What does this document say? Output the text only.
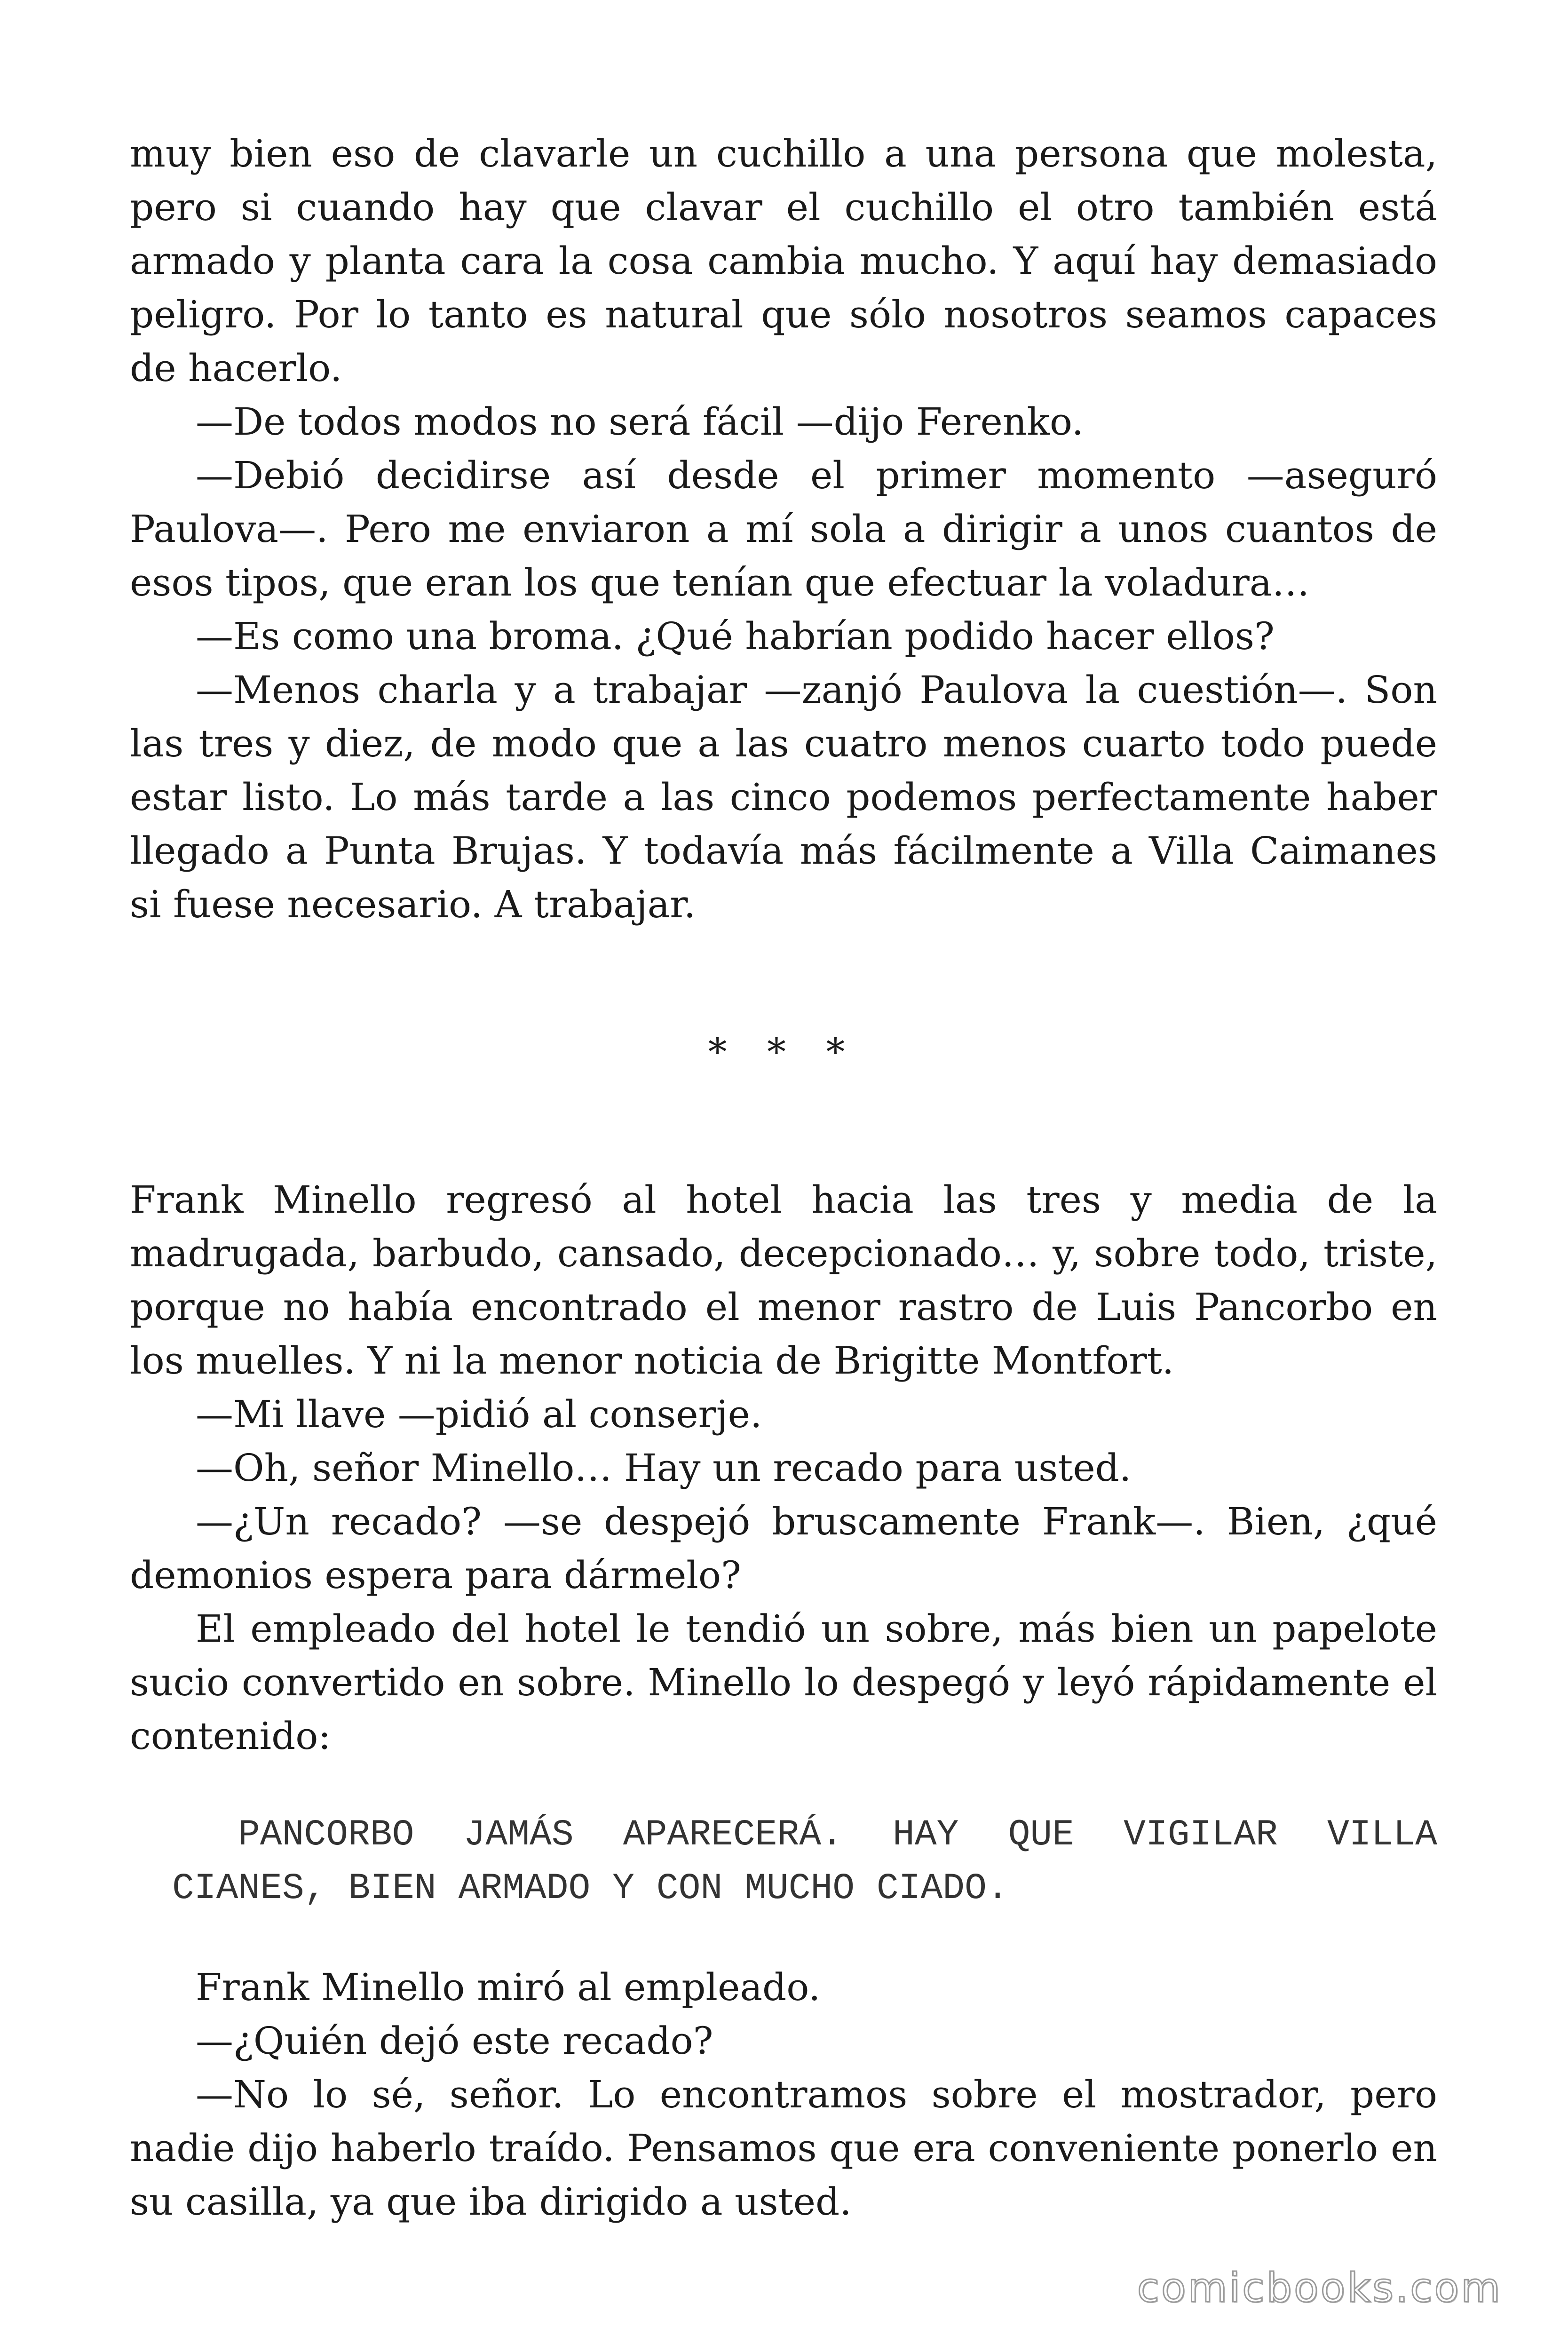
muy bien eso de clavarle un cuchillo a una persona que molesta, pero si cuando hay que clavar el cuchillo el otro también está armado y planta cara la cosa cambia mucho. Y aquí hay demasiado peligro. Por lo tanto es natural que sólo nosotros seamos capaces de hacerlo.

—De todos modos no será fácil —dijo Ferenko.

—Debió decidirse así desde el primer momento —aseguró Paulova—. Pero me enviaron a mí sola a dirigir a unos cuantos de esos tipos, que eran los que tenían que efectuar la voladura…

—Es como una broma. ¿Qué habrían podido hacer ellos?

—Menos charla y a trabajar —zanjó Paulova la cuestión—. Son las tres y diez, de modo que a las cuatro menos cuarto todo puede estar listo. Lo más tarde a las cinco podemos perfectamente haber llegado a Punta Brujas. Y todavía más fácilmente a Villa Caimanes si fuese necesario. A trabajar.

* * *

Frank Minello regresó al hotel hacia las tres y media de la madrugada, barbudo, cansado, decepcionado… y, sobre todo, triste, porque no había encontrado el menor rastro de Luis Pancorbo en los muelles. Y ni la menor noticia de Brigitte Montfort.

—Mi llave —pidió al conserje.

—Oh, señor Minello… Hay un recado para usted.

—¿Un recado? —se despejó bruscamente Frank—. Bien, ¿qué demonios espera para dármelo?

El empleado del hotel le tendió un sobre, más bien un papelote sucio convertido en sobre. Minello lo despegó y leyó rápidamente el contenido:

PANCORBO JAMÁS APARECERÁ. HAY QUE VIGILAR VILLA CIANES, BIEN ARMADO Y CON MUCHO CIADO.

Frank Minello miró al empleado.

—¿Quién dejó este recado?

—No lo sé, señor. Lo encontramos sobre el mostrador, pero nadie dijo haberlo traído. Pensamos que era conveniente ponerlo en su casilla, ya que iba dirigido a usted.

comicbooks.com
